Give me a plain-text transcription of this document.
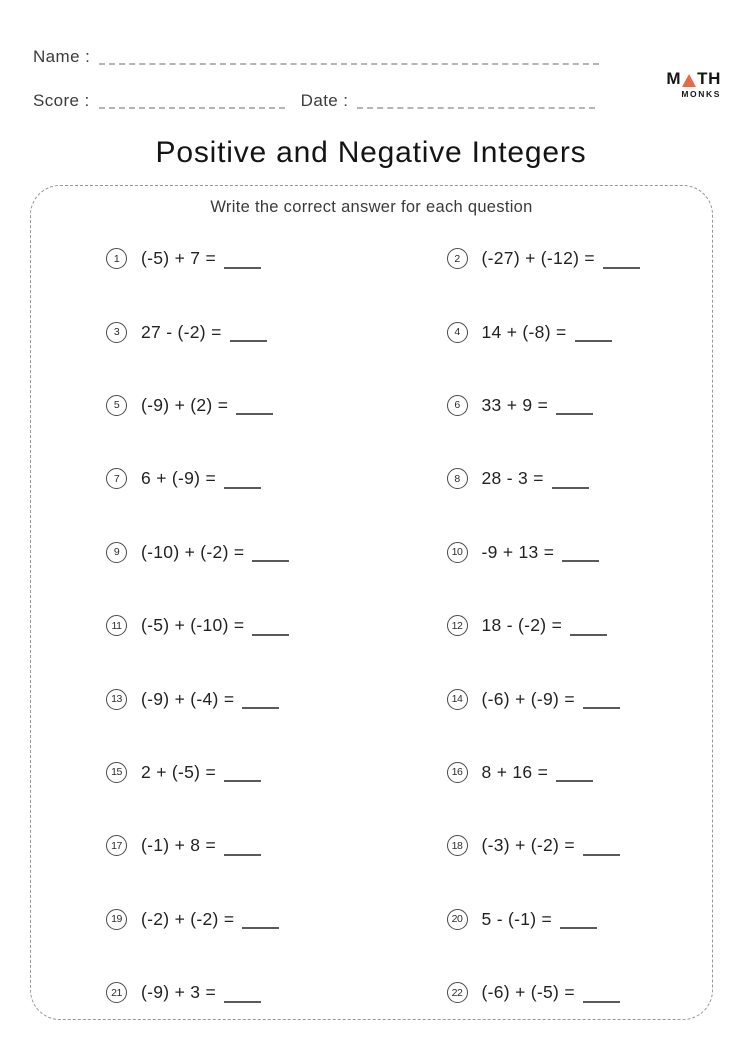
Name :
Score :	Date :
M TH
MONKS
Positive and Negative Integers
Write the correct answer for each question
1	(-5) + 7 =	2	(-27) + (-12) =
3	27 - (-2) =	4	14 + (-8) =
5	(-9) + (2) =	6	33 + 9 =
7	6 + (-9) =	8	28 - 3 =
9	(-10) + (-2) =	10 -9 + 13 =
11	(-5) + (-10) =	12 18 - (-2) =
13 (-9) + (-4) =	14 (-6) + (-9) =
15 2 + (-5) =	16 8 + 16 =
17 (-1) + 8 =	18 (-3) + (-2) =
19 (-2) + (-2) =	20 5 - (-1) =
21 (-9) + 3 =	22 (-6) + (-5) =
